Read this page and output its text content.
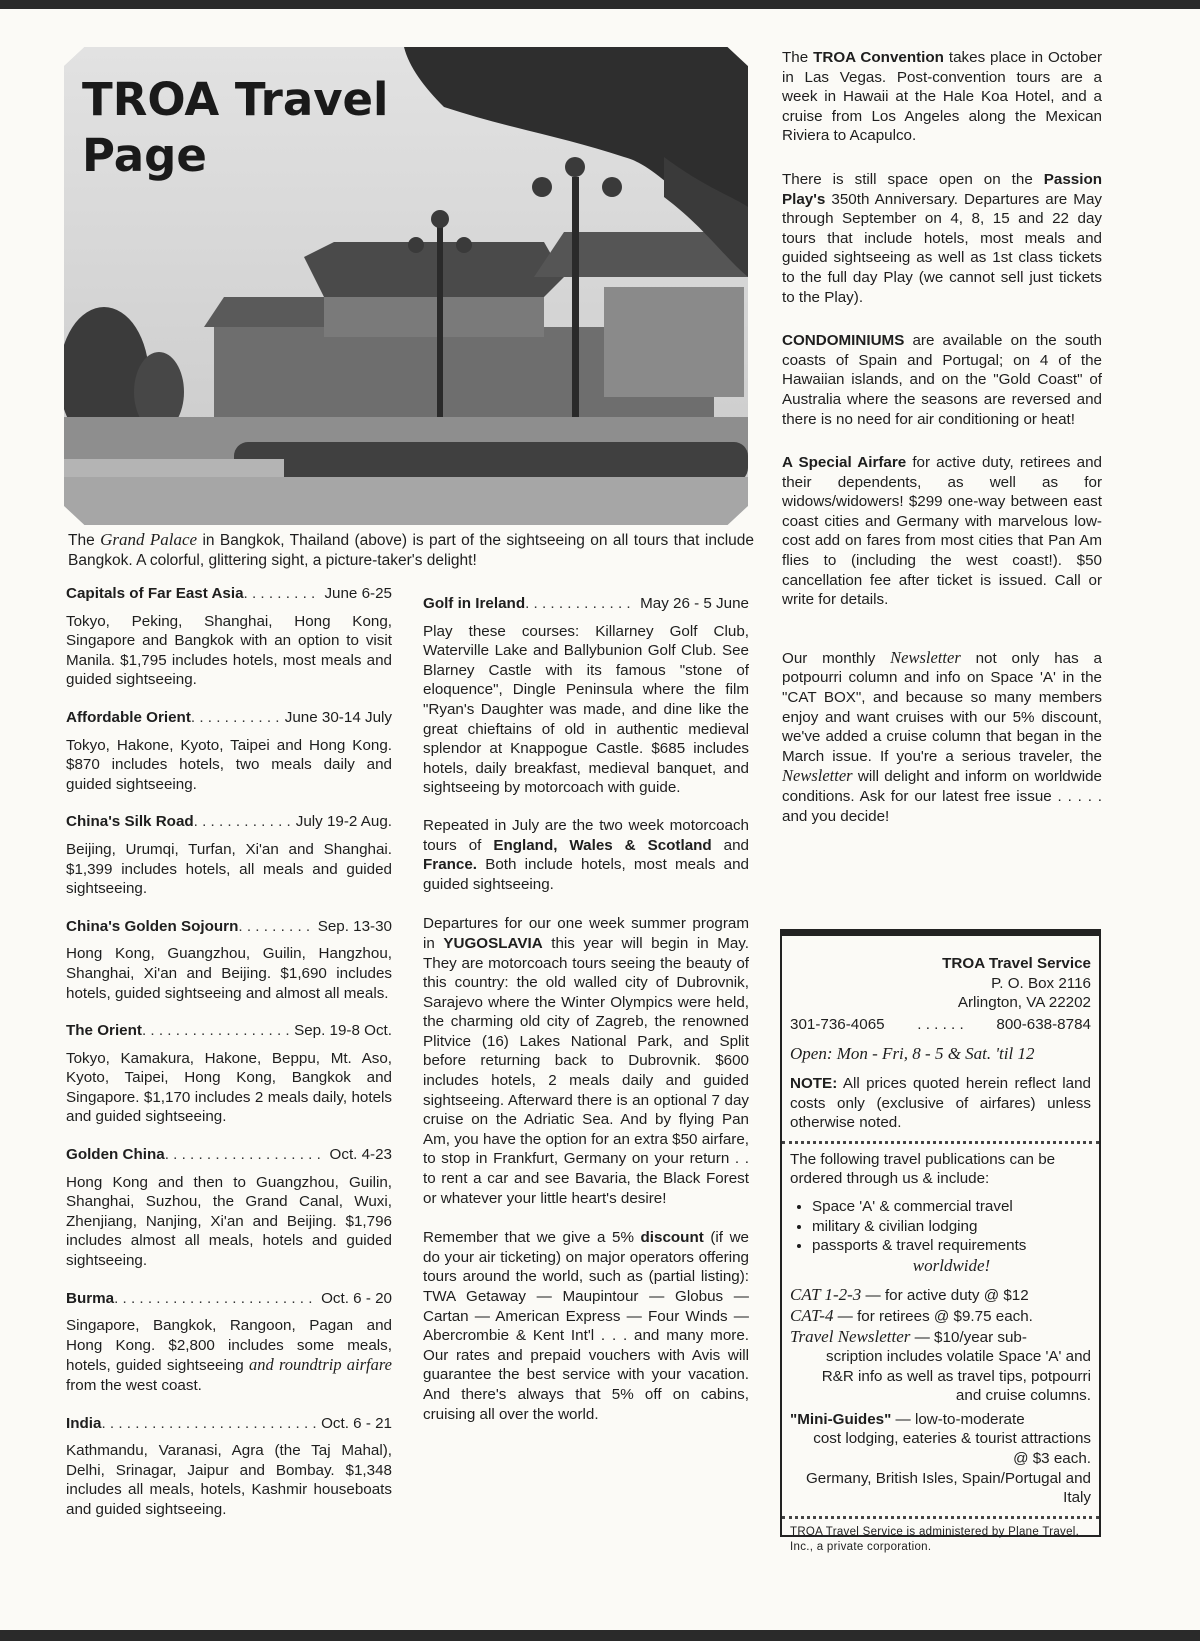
TROA Travel
Page

The Grand Palace in Bangkok, Thailand (above) is part of the sightseeing on all tours that include Bangkok. A colorful, glittering sight, a picture-taker's delight!

Capitals of Far East Asia . . .	June 6-25

Tokyo, Peking, Shanghai, Hong Kong, Singapore and Bangkok with an option to visit Manila. $1,795 includes hotels, most meals and guided sightseeing.

Affordable Orient . . .	June 30-14 July

Tokyo, Hakone, Kyoto, Taipei and Hong Kong. $870 includes hotels, two meals daily and guided sightseeing.

China's Silk Road . . .	July 19-2 Aug.

Beijing, Urumqi, Turfan, Xi'an and Shanghai. $1,399 includes hotels, all meals and guided sightseeing.

China's Golden Sojourn . . .	Sep. 13-30

Hong Kong, Guangzhou, Guilin, Hangzhou, Shanghai, Xi'an and Beijing. $1,690 includes hotels, guided sightseeing and almost all meals.

The Orient . . .	Sep. 19-8 Oct.

Tokyo, Kamakura, Hakone, Beppu, Mt. Aso, Kyoto, Taipei, Hong Kong, Bangkok and Singapore. $1,170 includes 2 meals daily, hotels and guided sightseeing.

Golden China . . .	Oct. 4-23

Hong Kong and then to Guangzhou, Guilin, Shanghai, Suzhou, the Grand Canal, Wuxi, Zhenjiang, Nanjing, Xi'an and Beijing. $1,796 includes almost all meals, hotels and guided sightseeing.

Burma . . .	Oct. 6 - 20

Singapore, Bangkok, Rangoon, Pagan and Hong Kong. $2,800 includes some meals, hotels, guided sightseeing and roundtrip airfare from the west coast.

India . . .	Oct. 6 - 21

Kathmandu, Varanasi, Agra (the Taj Mahal), Delhi, Srinagar, Jaipur and Bombay. $1,348 includes all meals, hotels, Kashmir houseboats and guided sightseeing.

Golf in Ireland . . .	May 26 - 5 June

Play these courses: Killarney Golf Club, Waterville Lake and Ballybunion Golf Club. See Blarney Castle with its famous "stone of eloquence", Dingle Peninsula where the film "Ryan's Daughter was made, and dine like the great chieftains of old in authentic medieval splendor at Knappogue Castle. $685 includes hotels, daily breakfast, medieval banquet, and sightseeing by motorcoach with guide.

Repeated in July are the two week motorcoach tours of England, Wales & Scotland and France. Both include hotels, most meals and guided sightseeing.

Departures for our one week summer program in YUGOSLAVIA this year will begin in May. They are motorcoach tours seeing the beauty of this country: the old walled city of Dubrovnik, Sarajevo where the Winter Olympics were held, the charming old city of Zagreb, the renowned Plitvice (16) Lakes National Park, and Split before returning back to Dubrovnik. $600 includes hotels, 2 meals daily and guided sightseeing. Afterward there is an optional 7 day cruise on the Adriatic Sea. And by flying Pan Am, you have the option for an extra $50 airfare, to stop in Frankfurt, Germany on your return . . to rent a car and see Bavaria, the Black Forest or whatever your little heart's desire!

Remember that we give a 5% discount (if we do your air ticketing) on major operators offering tours around the world, such as (partial listing): TWA Getaway — Maupintour — Globus — Cartan — American Express — Four Winds — Abercrombie & Kent Int'l . . . and many more. Our rates and prepaid vouchers with Avis will guarantee the best service with your vacation. And there's always that 5% off on cabins, cruising all over the world.

The TROA Convention takes place in October in Las Vegas. Post-convention tours are a week in Hawaii at the Hale Koa Hotel, and a cruise from Los Angeles along the Mexican Riviera to Acapulco.

There is still space open on the Passion Play's 350th Anniversary. Departures are May through September on 4, 8, 15 and 22 day tours that include hotels, most meals and guided sightseeing as well as 1st class tickets to the full day Play (we cannot sell just tickets to the Play).

CONDOMINIUMS are available on the south coasts of Spain and Portugal; on 4 of the Hawaiian islands, and on the "Gold Coast" of Australia where the seasons are reversed and there is no need for air conditioning or heat!

A Special Airfare for active duty, retirees and their dependents, as well as for widows/widowers! $299 one-way between east coast cities and Germany with marvelous low-cost add on fares from most cities that Pan Am flies to (including the west coast!). $50 cancellation fee after ticket is issued. Call or write for details.

Our monthly Newsletter not only has a potpourri column and info on Space 'A' in the "CAT BOX", and because so many members enjoy and want cruises with our 5% discount, we've added a cruise column that began in the March issue. If you're a serious traveler, the Newsletter will delight and inform on worldwide conditions. Ask for our latest free issue . . . . . and you decide!

TROA Travel Service

P. O. Box 2116

Arlington, VA 22202

301-736-4065 . . . . . . 800-638-8784

Open: Mon - Fri, 8 - 5 & Sat. 'til 12

NOTE: All prices quoted herein reflect land costs only (exclusive of airfares) unless otherwise noted.

The following travel publications can be ordered through us & include:

• Space 'A' & commercial travel
• military & civilian lodging
• passports & travel requirements

worldwide!

CAT 1-2-3 — for active duty @ $12

CAT-4 — for retirees @ $9.75 each.

Travel Newsletter — $10/year sub-
scription includes volatile Space 'A' and R&R info as well as travel tips, potpourri and cruise columns.

"Mini-Guides" — low-to-moderate
cost lodging, eateries & tourist attractions @ $3 each.

Germany, British Isles, Spain/Portugal and Italy

TROA Travel Service is administered by Plane Travel, Inc., a private corporation.
